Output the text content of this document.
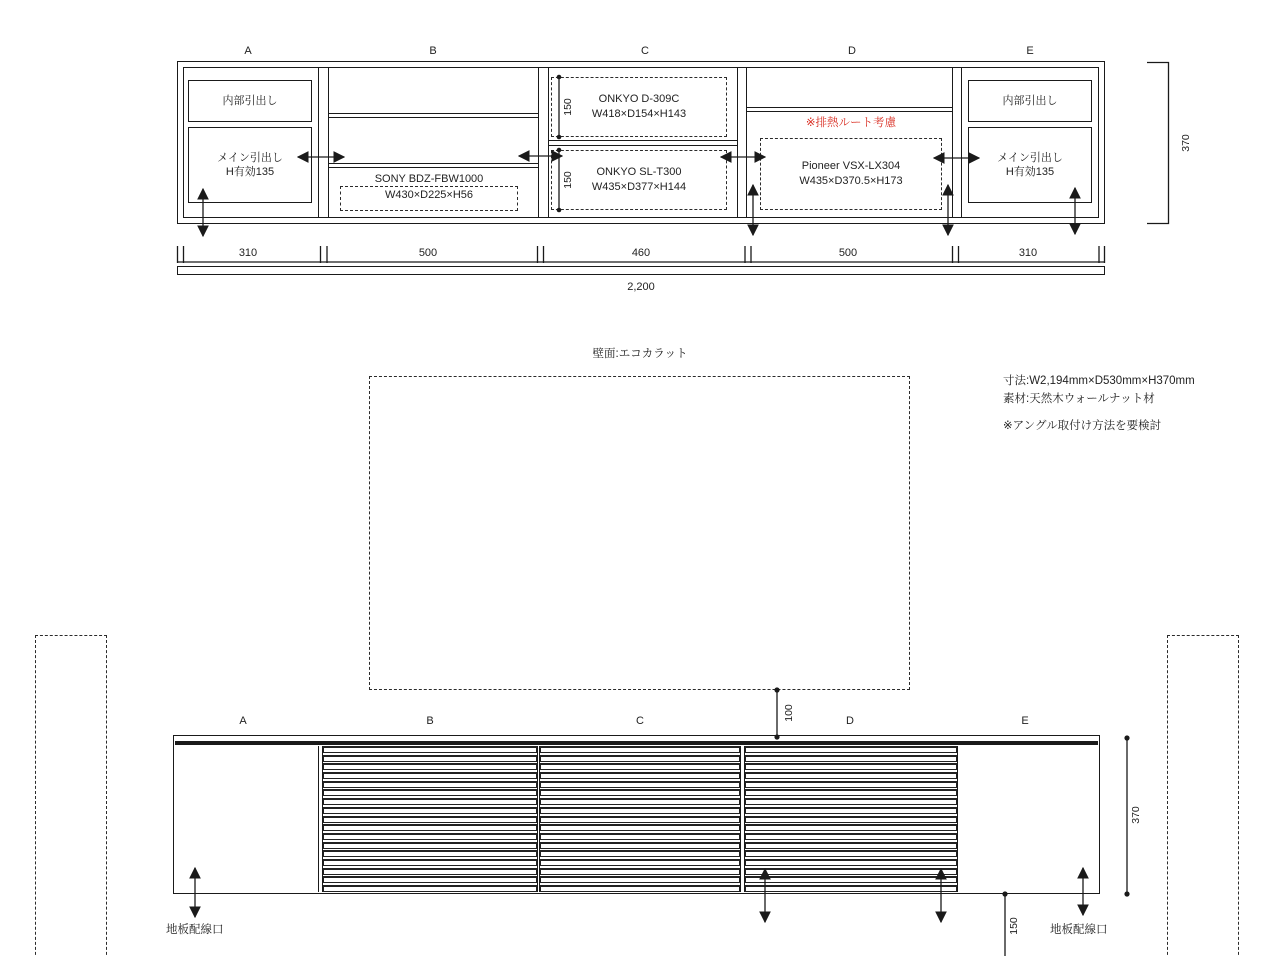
A	B	C	D	E
内部引出し
メイン引出し
H有効135
内部引出し
メイン引出し
H有効135
SONY BDZ-FBW1000
W430×D225×H56
ONKYO D-309C
W418×D154×H143
ONKYO SL-T300
W435×D377×H144
※排熱ルート考慮
Pioneer VSX-LX304
W435×D370.5×H173
150
150
370
310	500	460	500	310
2,200
壁面:エコカラット
寸法:W2,194mm×D530mm×H370mm
素材:天然木ウォールナット材
※アングル取付け方法を要検討
A	B	C	D	E
100
370
150
地板配線口	地板配線口
